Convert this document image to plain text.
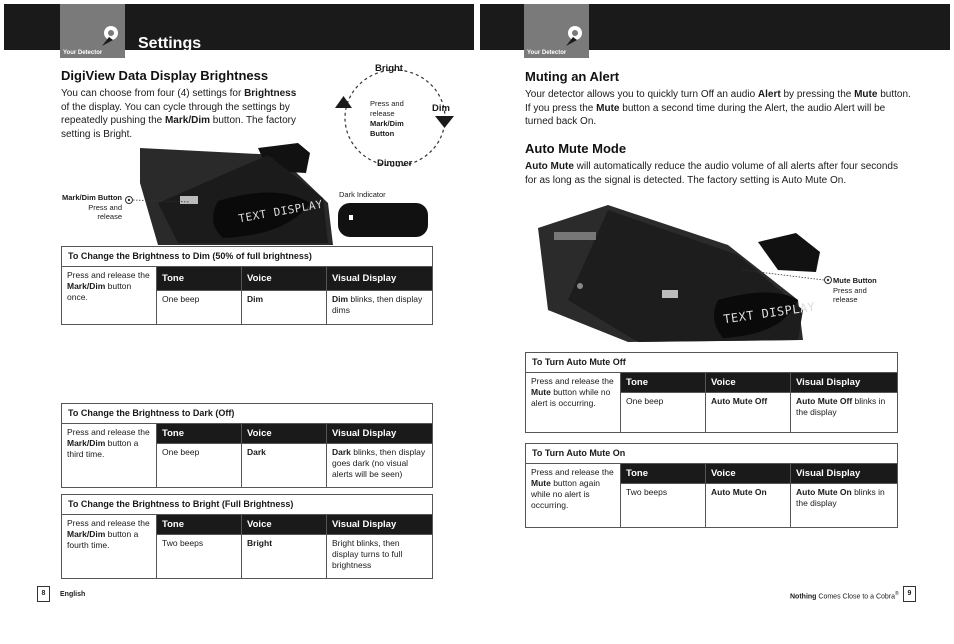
Your Detector
Settings
DigiView Data Display Brightness

You can choose from four (4) settings for Brightness of the display. You can cycle through the settings by repeatedly pushing the Mark/Dim button. The factory setting is Bright.

Bright
Dim
Dimmer
Press and
release
Mark/Dim
Button
TEXT DISPLAY
Mark/Dim Button
Press and
release
Dark Indicator
To Change the Brightness to Dim (50% of full brightness)			
Press and release the Mark/Dim button once.	Tone	Voice	Visual Display
	One beep	Dim	Dim blinks, then display dims
To Change the Brightness to Dark (Off)			
Press and release the Mark/Dim button a third time.	Tone	Voice	Visual Display
	One beep	Dark	Dark blinks, then display goes dark (no visual alerts will be seen)
To Change the Brightness to Bright (Full Brightness)			
Press and release the Mark/Dim button a fourth time.	Tone	Voice	Visual Display
	Two beeps	Bright	Bright blinks, then display turns to full brightness
8	English
Your Detector
Muting an Alert

Your detector allows you to quickly turn Off an audio Alert by pressing the Mute button. If you press the Mute button a second time during the Alert, the audio Alert will be turned back On.

Auto Mute Mode

Auto Mute will automatically reduce the audio volume of all alerts after four seconds for as long as the signal is detected. The factory setting is Auto Mute On.

TEXT DISPLAY
Mute Button
Press and
release
To Turn Auto Mute Off			
Press and release the Mute button while no alert is occurring.	Tone	Voice	Visual Display
	One beep	Auto Mute Off	Auto Mute Off blinks in the display
To Turn Auto Mute On			
Press and release the Mute button again while no alert is occurring.	Tone	Voice	Visual Display
	Two beeps	Auto Mute On	Auto Mute On blinks in the display
Nothing Comes Close to a Cobra®	9
